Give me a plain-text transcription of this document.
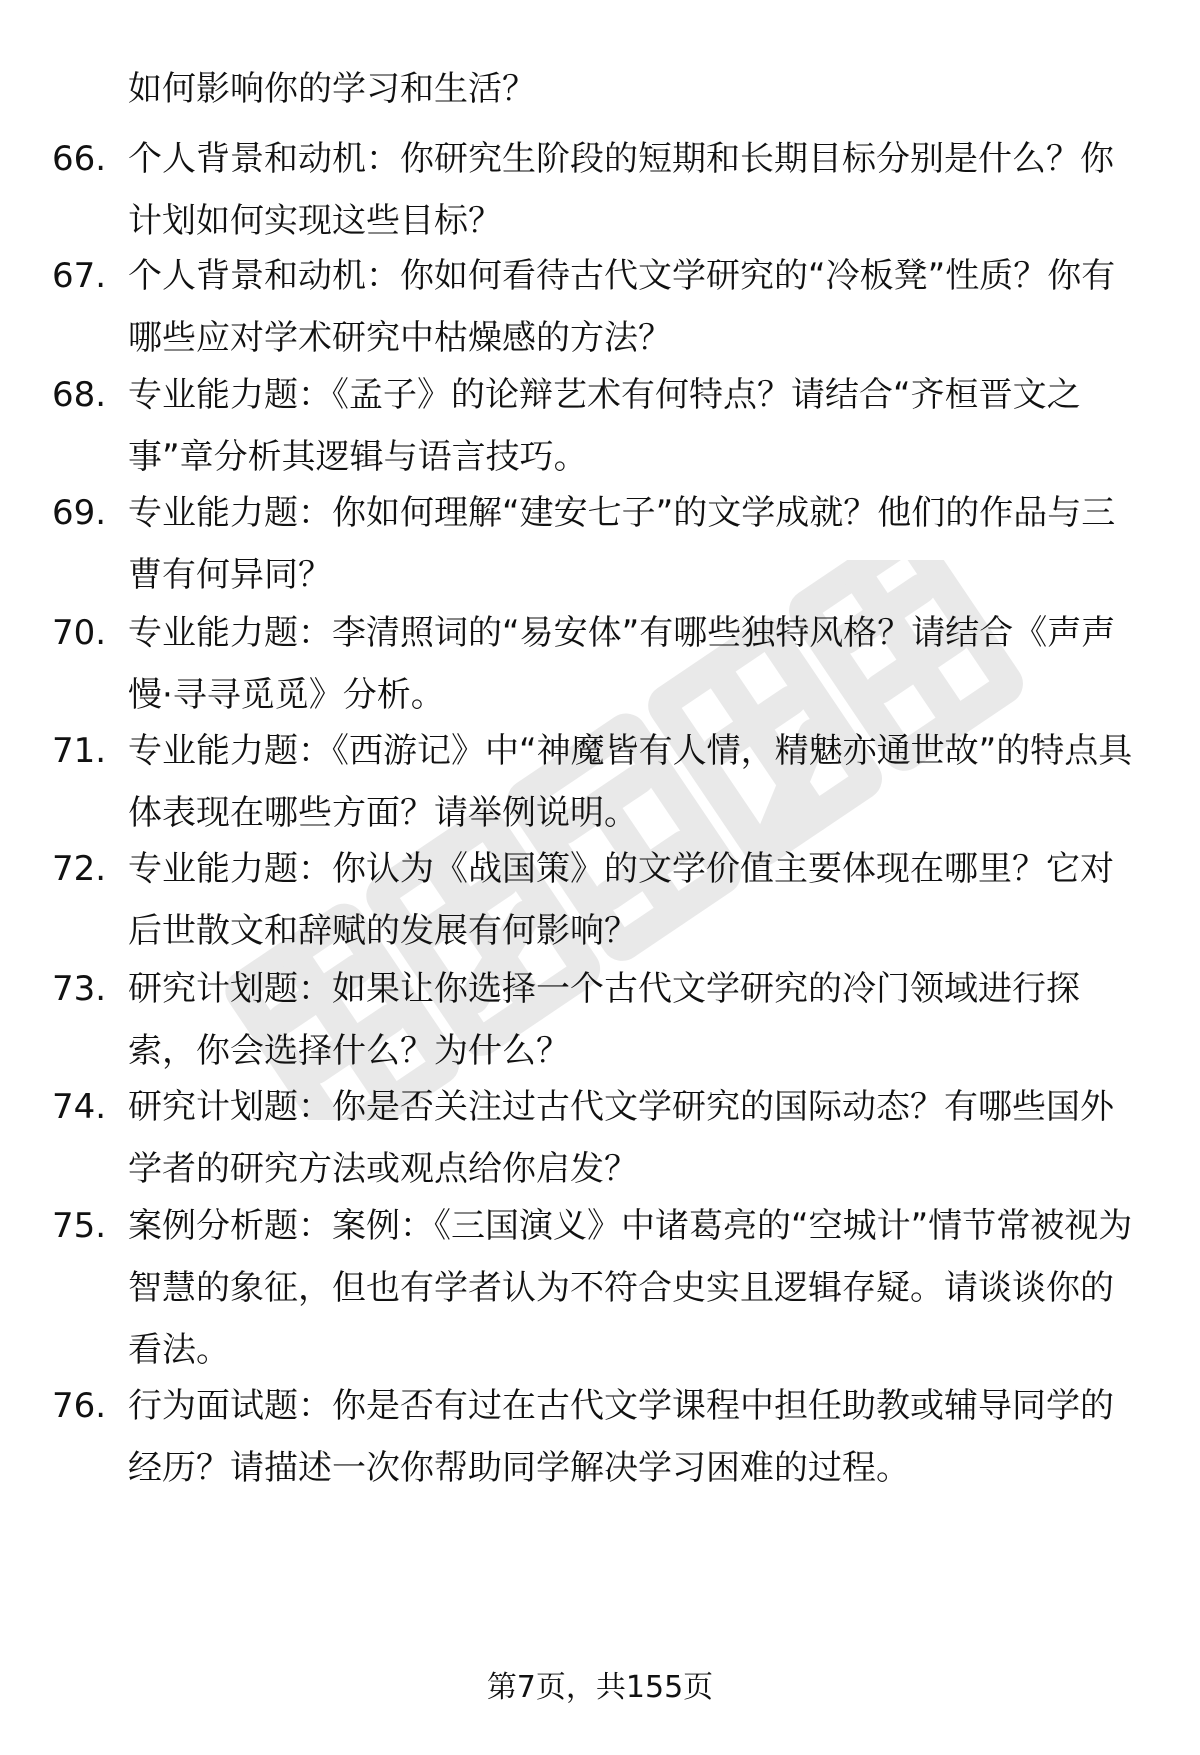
如何影响你的学习和生活？
66. 个人背景和动机：你研究生阶段的短期和长期目标分别是什么？你计划如何实现这些目标？
67. 个人背景和动机：你如何看待古代文学研究的“冷板凳”性质？你有哪些应对学术研究中枯燥感的方法？
68. 专业能力题：《孟子》的论辩艺术有何特点？请结合“齐桓晋文之事”章分析其逻辑与语言技巧。
69. 专业能力题：你如何理解“建安七子”的文学成就？他们的作品与三曹有何异同？
70. 专业能力题：李清照词的“易安体”有哪些独特风格？请结合《声声慢·寻寻觅觅》分析。
71. 专业能力题：《西游记》中“神魔皆有人情，精魅亦通世故”的特点具体表现在哪些方面？请举例说明。
72. 专业能力题：你认为《战国策》的文学价值主要体现在哪里？它对后世散文和辞赋的发展有何影响？
73. 研究计划题：如果让你选择一个古代文学研究的冷门领域进行探索，你会选择什么？为什么？
74. 研究计划题：你是否关注过古代文学研究的国际动态？有哪些国外学者的研究方法或观点给你启发？
75. 案例分析题：案例：《三国演义》中诸葛亮的“空城计”情节常被视为智慧的象征，但也有学者认为不符合史实且逻辑存疑。请谈谈你的看法。
76. 行为面试题：你是否有过在古代文学课程中担任助教或辅导同学的经历？请描述一次你帮助同学解决学习困难的过程。
第7页，共155页
